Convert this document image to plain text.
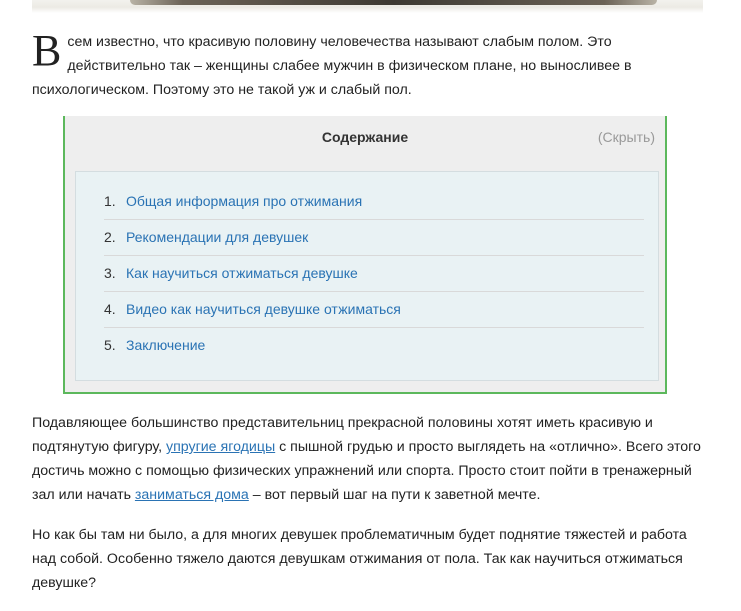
Всем известно, что красивую половину человечества называют слабым полом. Это действительно так – женщины слабее мужчин в физическом плане, но выносливее в психологическом. Поэтому это не такой уж и слабый пол.

Содержание	(Скрыть)
1. Общая информация про отжимания
2. Рекомендации для девушек
3. Как научиться отжиматься девушке
4. Видео как научиться девушке отжиматься
5. Заключение

Подавляющее большинство представительниц прекрасной половины хотят иметь красивую и подтянутую фигуру, упругие ягодицы с пышной грудью и просто выглядеть на «отлично». Всего этого достичь можно с помощью физических упражнений или спорта. Просто стоит пойти в тренажерный зал или начать заниматься дома – вот первый шаг на пути к заветной мечте.

Но как бы там ни было, а для многих девушек проблематичным будет поднятие тяжестей и работа над собой. Особенно тяжело даются девушкам отжимания от пола. Так как научиться отжиматься девушке?
